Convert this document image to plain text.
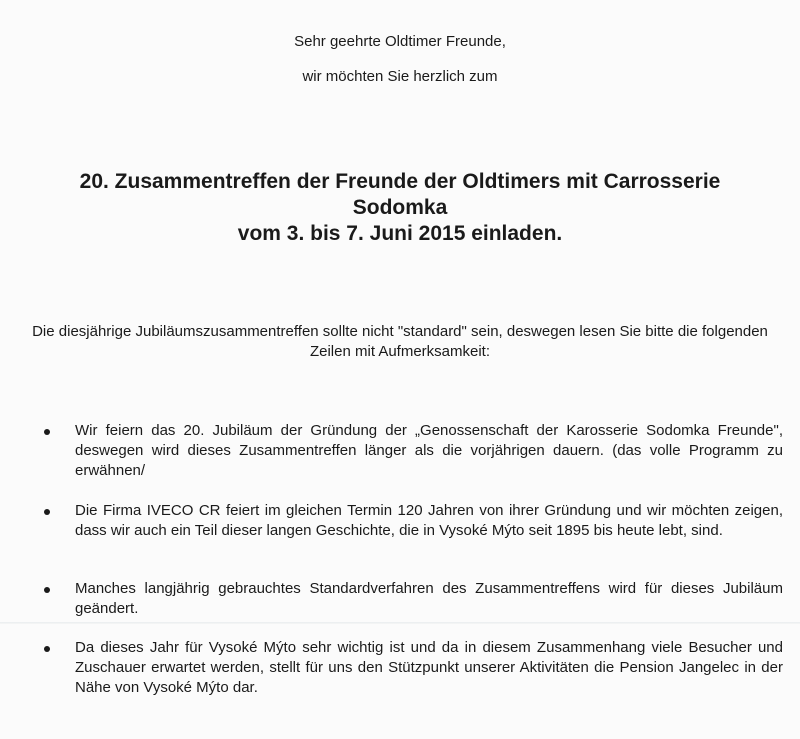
Sehr geehrte Oldtimer Freunde,
wir möchten Sie herzlich zum
20. Zusammentreffen der Freunde der Oldtimers mit Carrosserie
Sodomka
vom 3. bis 7. Juni 2015 einladen.
Die diesjährige Jubiläumszusammentreffen sollte nicht "standard" sein, deswegen lesen Sie bitte die folgenden Zeilen mit Aufmerksamkeit:
Wir feiern das 20. Jubiläum der Gründung der „Genossenschaft der Karosserie Sodomka Freunde", deswegen wird dieses Zusammentreffen länger als die vorjährigen dauern. (das volle Programm zu erwähnen/
Die Firma IVECO CR feiert im gleichen Termin 120 Jahren von ihrer Gründung und wir möchten zeigen, dass wir auch ein Teil dieser langen Geschichte, die in Vysoké Mýto seit 1895 bis heute lebt, sind.
Manches langjährig gebrauchtes Standardverfahren des Zusammentreffens wird für dieses Jubiläum geändert.
Da dieses Jahr für Vysoké Mýto sehr wichtig ist und da in diesem Zusammenhang viele Besucher und Zuschauer erwartet werden, stellt für uns den Stützpunkt unserer Aktivitäten die Pension Jangelec in der Nähe von Vysoké Mýto dar.
